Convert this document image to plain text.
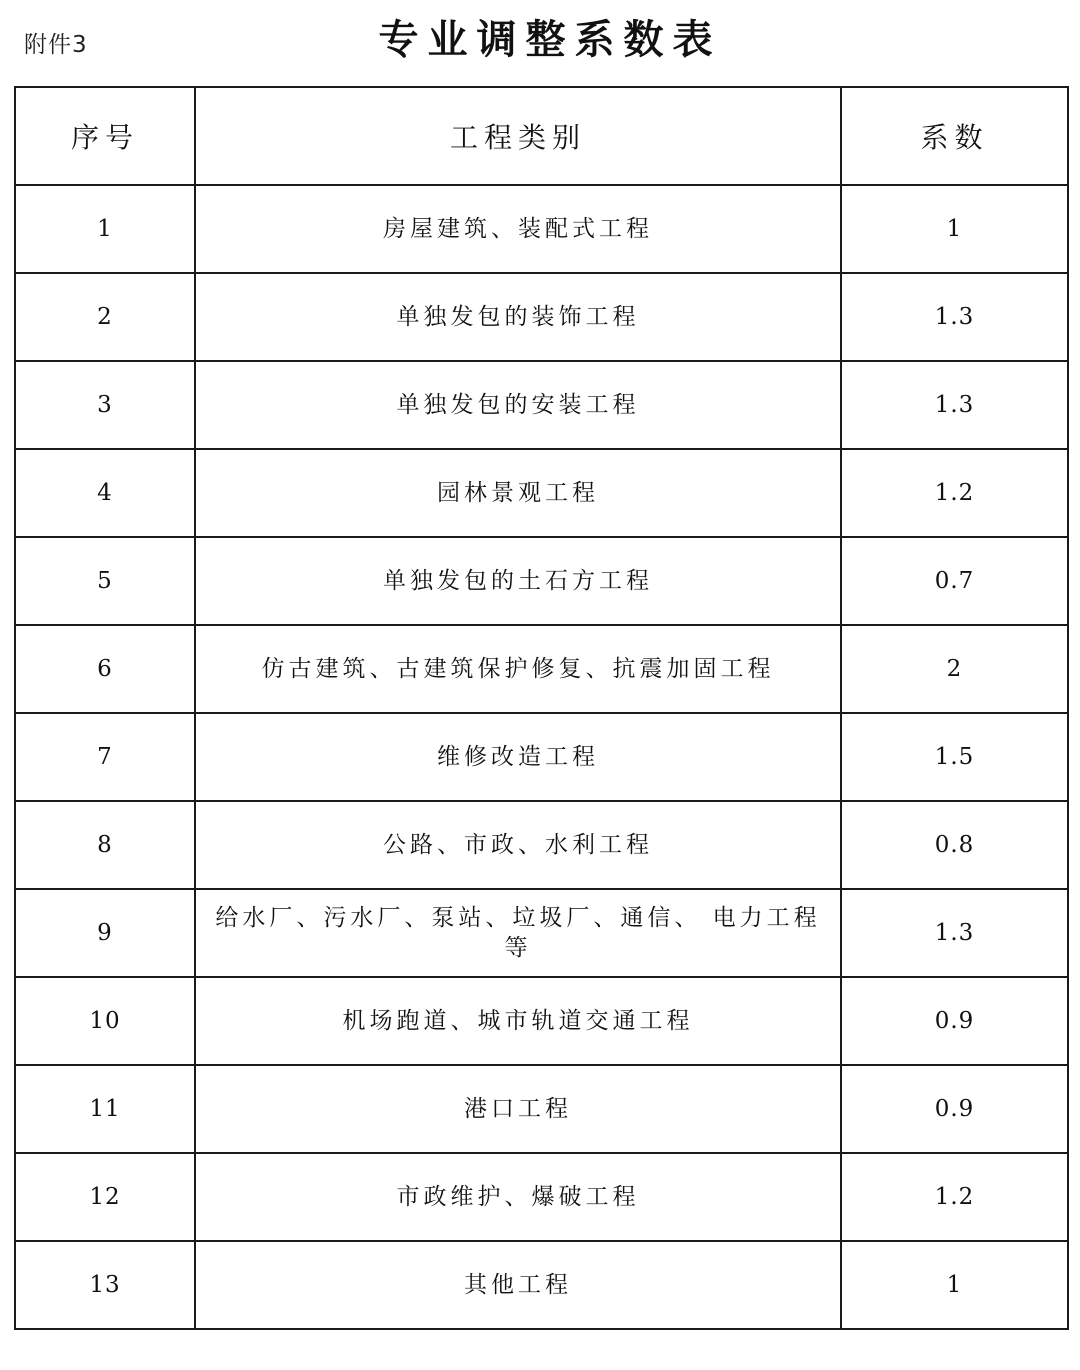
附件3	专业调整系数表
序号	工程类别	系数
1	房屋建筑、装配式工程	1
2	单独发包的装饰工程	1.3
3	单独发包的安装工程	1.3
4	园林景观工程	1.2
5	单独发包的土石方工程	0.7
6	仿古建筑、古建筑保护修复、抗震加固工程	2
7	维修改造工程	1.5
8	公路、市政、水利工程	0.8
9	给水厂、污水厂、泵站、垃圾厂、通信、 电力工程等	1.3
10	机场跑道、城市轨道交通工程	0.9
11	港口工程	0.9
12	市政维护、爆破工程	1.2
13	其他工程	1
